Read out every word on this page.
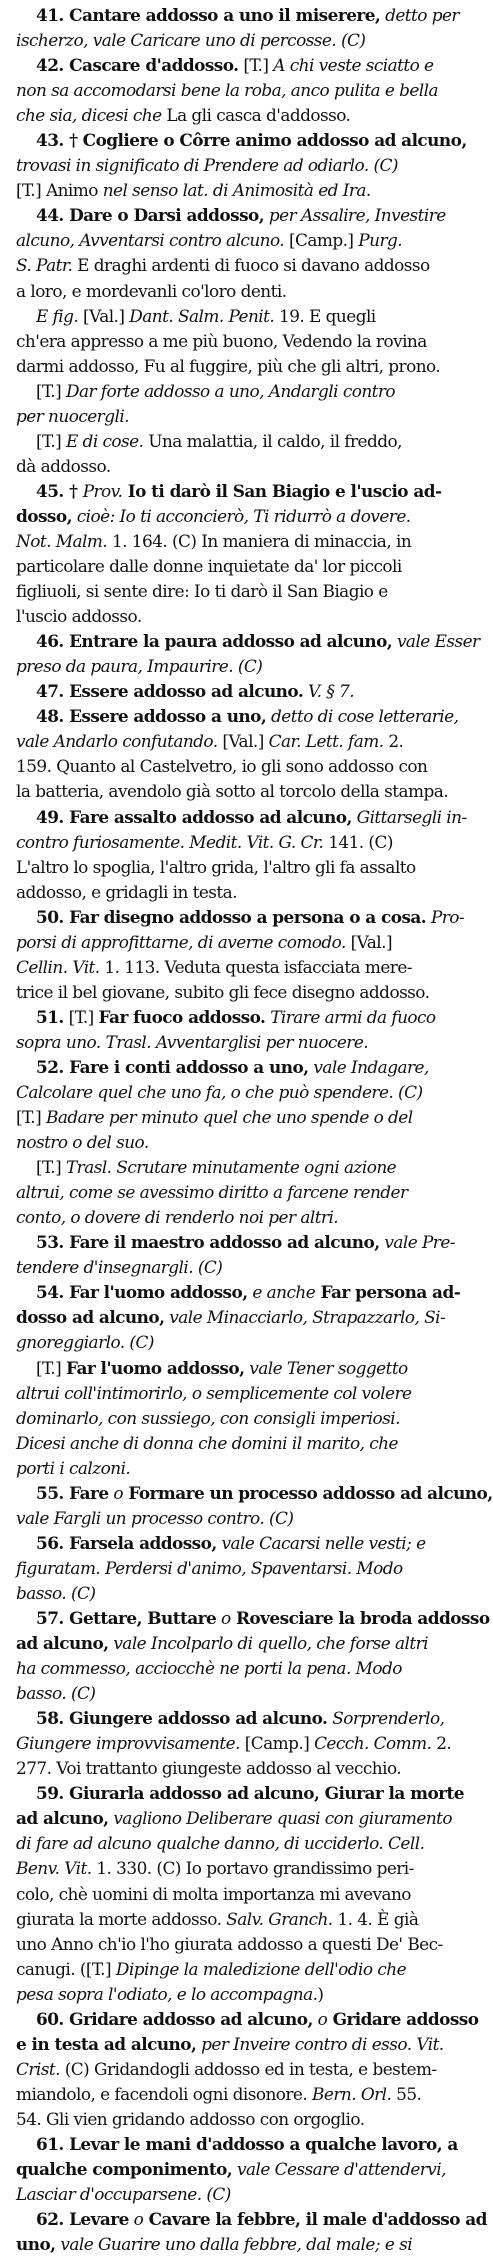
41. Cantare addosso a uno il miserere, detto per
ischerzo, vale Caricare uno di percosse. (C)
42. Cascare d'addosso. [T.] A chi veste sciatto e
non sa accomodarsi bene la roba, anco pulita e bella
che sia, dicesi che La gli casca d'addosso.
43. † Cogliere o Côrre animo addosso ad alcuno,
trovasi in significato di Prendere ad odiarlo. (C)
[T.] Animo nel senso lat. di Animosità ed Ira.
44. Dare o Darsi addosso, per Assalire, Investire
alcuno, Avventarsi contro alcuno. [Camp.] Purg.
S. Patr. E draghi ardenti di fuoco si davano addosso
a loro, e mordevanli co'loro denti.
E fig. [Val.] Dant. Salm. Penit. 19. E quegli
ch'era appresso a me più buono, Vedendo la rovina
darmi addosso, Fu al fuggire, più che gli altri, prono.
[T.] Dar forte addosso a uno, Andargli contro
per nuocergli.
[T.] E di cose. Una malattia, il caldo, il freddo,
dà addosso.
45. † Prov. Io ti darò il San Biagio e l'uscio ad-
dosso, cioè: Io ti acconcierò, Ti ridurrò a dovere.
Not. Malm. 1. 164. (C) In maniera di minaccia, in
particolare dalle donne inquietate da' lor piccoli
figliuoli, si sente dire: Io ti darò il San Biagio e
l'uscio addosso.
46. Entrare la paura addosso ad alcuno, vale Esser
preso da paura, Impaurire. (C)
47. Essere addosso ad alcuno. V. § 7.
48. Essere addosso a uno, detto di cose letterarie,
vale Andarlo confutando. [Val.] Car. Lett. fam. 2.
159. Quanto al Castelvetro, io gli sono addosso con
la batteria, avendolo già sotto al torcolo della stampa.
49. Fare assalto addosso ad alcuno, Gittarsegli in-
contro furiosamente. Medit. Vit. G. Cr. 141. (C)
L'altro lo spoglia, l'altro grida, l'altro gli fa assalto
addosso, e gridagli in testa.
50. Far disegno addosso a persona o a cosa. Pro-
porsi di approfittarne, di averne comodo. [Val.]
Cellin. Vit. 1. 113. Veduta questa isfacciata mere-
trice il bel giovane, subito gli fece disegno addosso.
51. [T.] Far fuoco addosso. Tirare armi da fuoco
sopra uno. Trasl. Avventarglisi per nuocere.
52. Fare i conti addosso a uno, vale Indagare,
Calcolare quel che uno fa, o che può spendere. (C)
[T.] Badare per minuto quel che uno spende o del
nostro o del suo.
[T.] Trasl. Scrutare minutamente ogni azione
altrui, come se avessimo diritto a farcene render
conto, o dovere di renderlo noi per altri.
53. Fare il maestro addosso ad alcuno, vale Pre-
tendere d'insegnargli. (C)
54. Far l'uomo addosso, e anche Far persona ad-
dosso ad alcuno, vale Minacciarlo, Strapazzarlo, Si-
gnoreggiarlo. (C)
[T.] Far l'uomo addosso, vale Tener soggetto
altrui coll'intimorirlo, o semplicemente col volere
dominarlo, con sussiego, con consigli imperiosi.
Dicesi anche di donna che domini il marito, che
porti i calzoni.
55. Fare o Formare un processo addosso ad alcuno,
vale Fargli un processo contro. (C)
56. Farsela addosso, vale Cacarsi nelle vesti; e
figuratam. Perdersi d'animo, Spaventarsi. Modo
basso. (C)
57. Gettare, Buttare o Rovesciare la broda addosso
ad alcuno, vale Incolparlo di quello, che forse altri
ha commesso, acciocchè ne porti la pena. Modo
basso. (C)
58. Giungere addosso ad alcuno. Sorprenderlo,
Giungere improvvisamente. [Camp.] Cecch. Comm. 2.
277. Voi trattanto giungeste addosso al vecchio.
59. Giurarla addosso ad alcuno, Giurar la morte
ad alcuno, vagliono Deliberare quasi con giuramento
di fare ad alcuno qualche danno, di ucciderlo. Cell.
Benv. Vit. 1. 330. (C) Io portavo grandissimo peri-
colo, chè uomini di molta importanza mi avevano
giurata la morte addosso. Salv. Granch. 1. 4. È già
uno Anno ch'io l'ho giurata addosso a questi De' Bec-
canugi. ([T.] Dipinge la maledizione dell'odio che
pesa sopra l'odiato, e lo accompagna.)
60. Gridare addosso ad alcuno, o Gridare addosso
e in testa ad alcuno, per Inveire contro di esso. Vit.
Crist. (C) Gridandogli addosso ed in testa, e bestem-
miandolo, e facendoli ogni disonore. Bern. Orl. 55.
54. Gli vien gridando addosso con orgoglio.
61. Levar le mani d'addosso a qualche lavoro, a
qualche componimento, vale Cessare d'attendervi,
Lasciar d'occuparsene. (C)
62. Levare o Cavare la febbre, il male d'addosso ad
uno, vale Guarire uno dalla febbre, dal male; e si
